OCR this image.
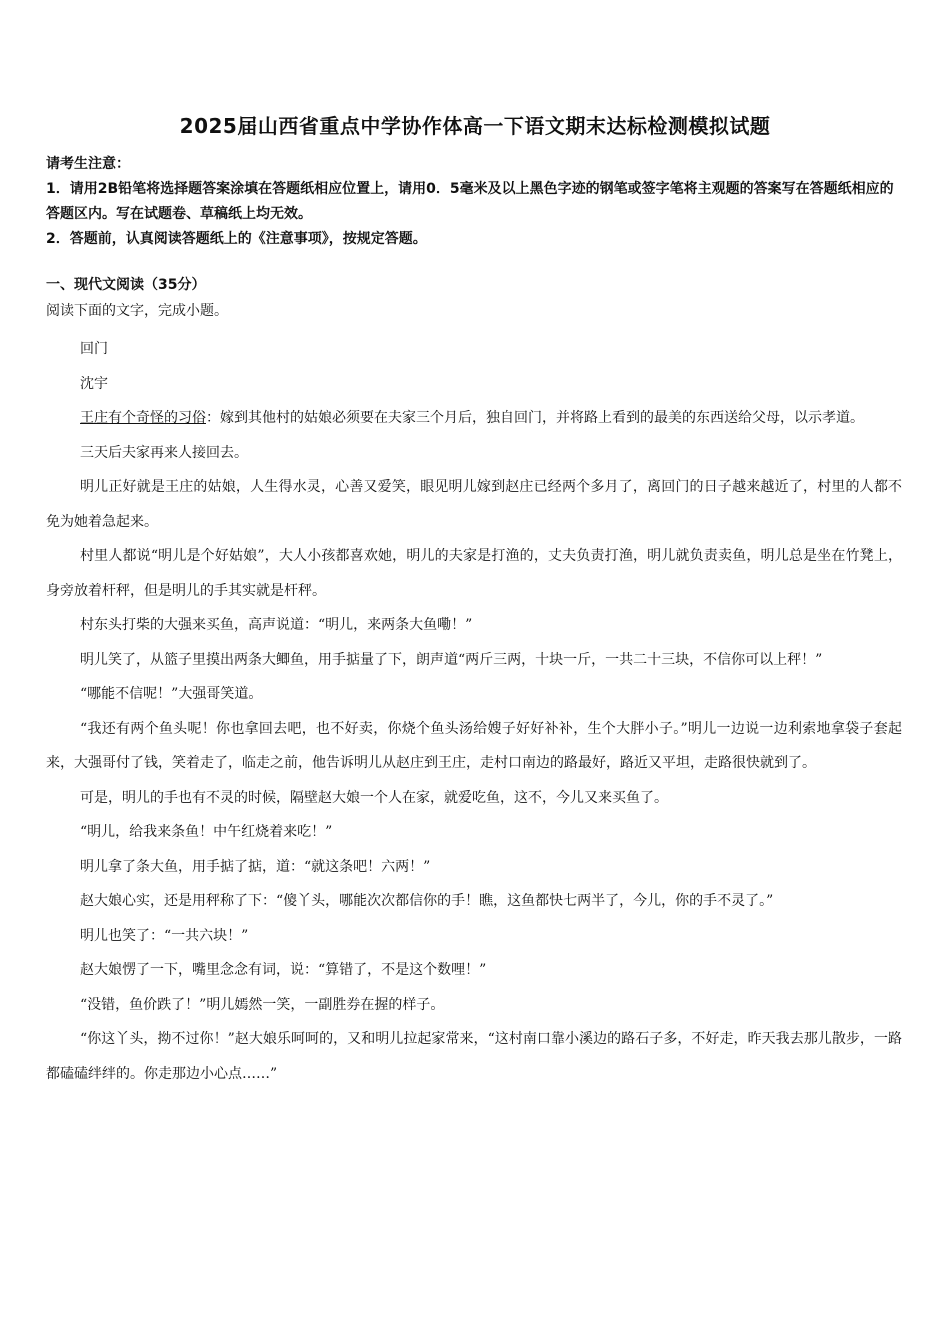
2025届山西省重点中学协作体高一下语文期末达标检测模拟试题

请考生注意：

1．请用2B铅笔将选择题答案涂填在答题纸相应位置上，请用0．5毫米及以上黑色字迹的钢笔或签字笔将主观题的答案写在答题纸相应的答题区内。写在试题卷、草稿纸上均无效。

2．答题前，认真阅读答题纸上的《注意事项》，按规定答题。

一、现代文阅读（35分）
阅读下面的文字，完成小题。

回门

沈宇

王庄有个奇怪的习俗：嫁到其他村的姑娘必须要在夫家三个月后，独自回门，并将路上看到的最美的东西送给父母，以示孝道。

三天后夫家再来人接回去。

明儿正好就是王庄的姑娘，人生得水灵，心善又爱笑，眼见明儿嫁到赵庄已经两个多月了，离回门的日子越来越近了，村里的人都不免为她着急起来。

村里人都说“明儿是个好姑娘”，大人小孩都喜欢她，明儿的夫家是打渔的，丈夫负责打渔，明儿就负责卖鱼，明儿总是坐在竹凳上，身旁放着杆秤，但是明儿的手其实就是杆秤。

村东头打柴的大强来买鱼，高声说道：“明儿，来两条大鱼嘞！”

明儿笑了，从篮子里摸出两条大鲫鱼，用手掂量了下，朗声道“两斤三两，十块一斤，一共二十三块，不信你可以上秤！”

“哪能不信呢！”大强哥笑道。

“我还有两个鱼头呢！你也拿回去吧，也不好卖，你烧个鱼头汤给嫂子好好补补，生个大胖小子。”明儿一边说一边利索地拿袋子套起来，大强哥付了钱，笑着走了，临走之前，他告诉明儿从赵庄到王庄，走村口南边的路最好，路近又平坦，走路很快就到了。

可是，明儿的手也有不灵的时候，隔壁赵大娘一个人在家，就爱吃鱼，这不，今儿又来买鱼了。

“明儿，给我来条鱼！中午红烧着来吃！”

明儿拿了条大鱼，用手掂了掂，道：“就这条吧！六两！”

赵大娘心实，还是用秤称了下：“傻丫头，哪能次次都信你的手！瞧，这鱼都快七两半了，今儿，你的手不灵了。”

明儿也笑了：“一共六块！”

赵大娘愣了一下，嘴里念念有词，说：“算错了，不是这个数哩！”

“没错，鱼价跌了！”明儿嫣然一笑，一副胜券在握的样子。

“你这丫头，拗不过你！”赵大娘乐呵呵的，又和明儿拉起家常来，“这村南口靠小溪边的路石子多，不好走，昨天我去那儿散步，一路都磕磕绊绊的。你走那边小心点……”
